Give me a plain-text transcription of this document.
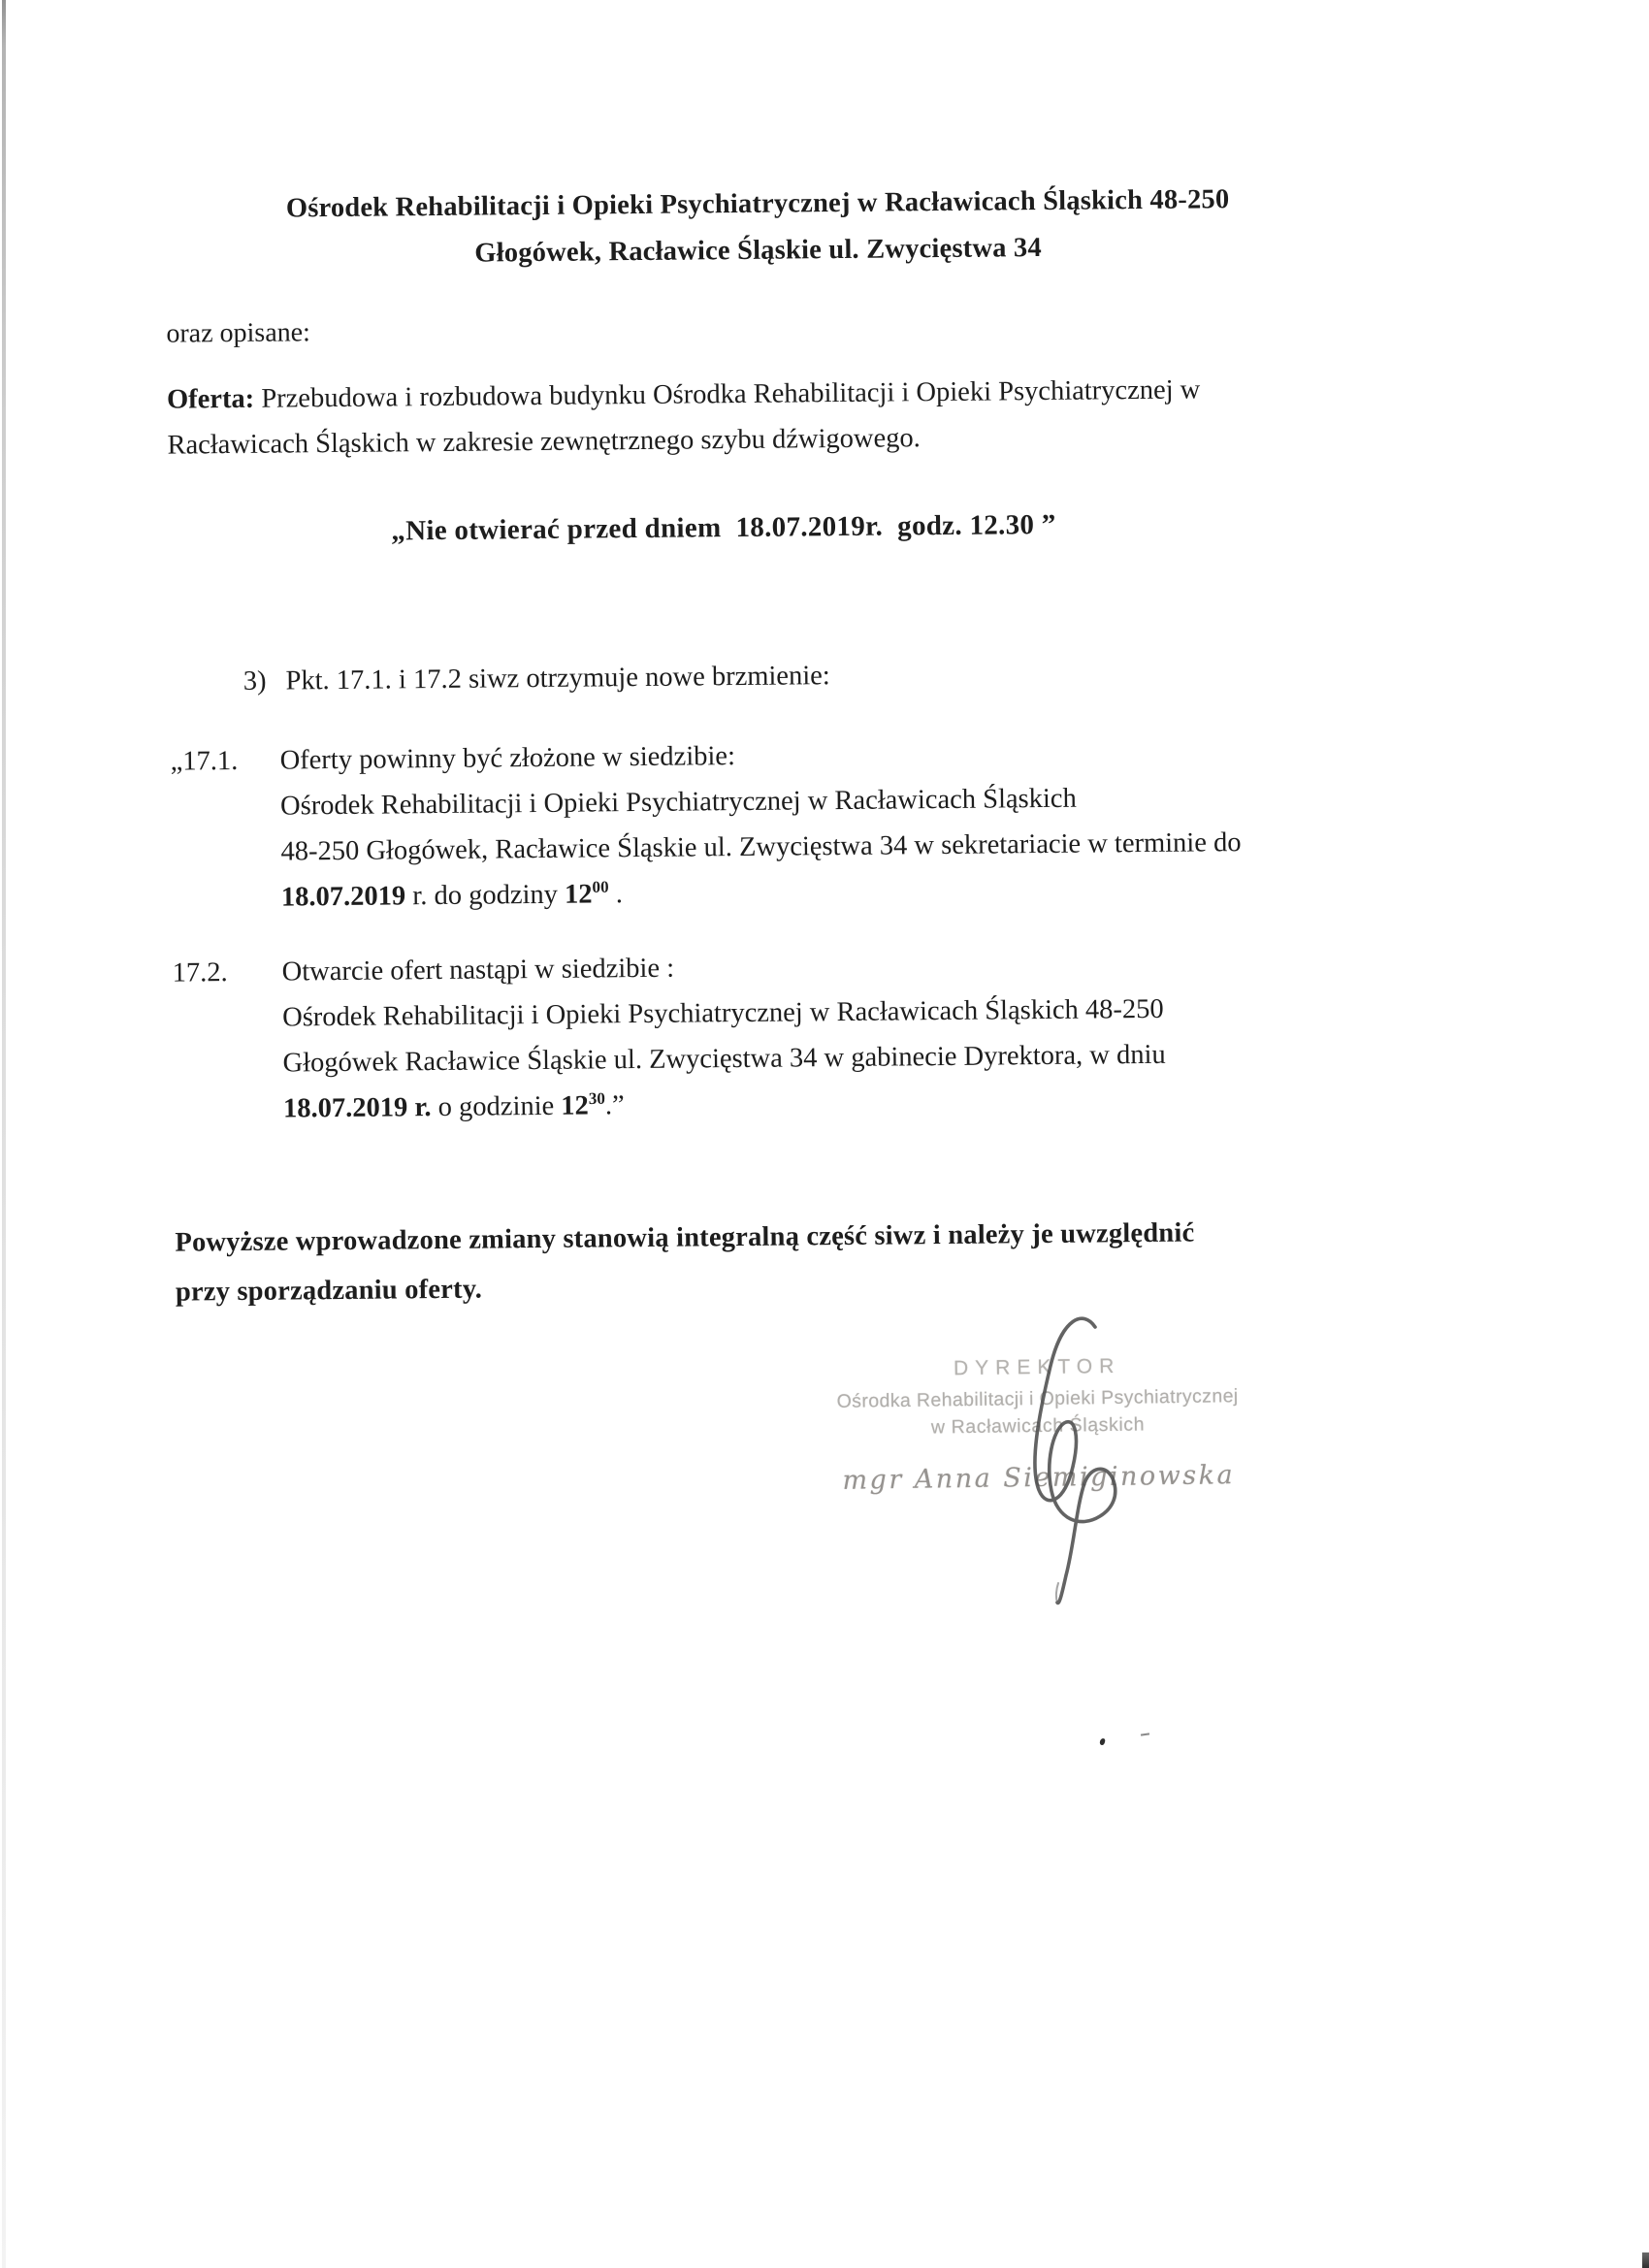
Ośrodek Rehabilitacji i Opieki Psychiatrycznej w Racławicach Śląskich 48-250
Głogówek, Racławice Śląskie ul. Zwycięstwa 34

oraz opisane:

Oferta: Przebudowa i rozbudowa budynku Ośrodka Rehabilitacji i Opieki Psychiatrycznej w
Racławicach Śląskich w zakresie zewnętrznego szybu dźwigowego.

„Nie otwierać przed dniem  18.07.2019r.  godz. 12.30 ”

3) Pkt. 17.1. i 17.2 siwz otrzymuje nowe brzmienie:
„17.1.	Oferty powinny być złożone w siedzibie:
Ośrodek Rehabilitacji i Opieki Psychiatrycznej w Racławicach Śląskich
48-250 Głogówek, Racławice Śląskie ul. Zwycięstwa 34 w sekretariacie w terminie do
18.07.2019 r. do godziny $12^{00}$ .
17.2.	Otwarcie ofert nastąpi w siedzibie :
Ośrodek Rehabilitacji i Opieki Psychiatrycznej w Racławicach Śląskich 48-250
Głogówek Racławice Śląskie ul. Zwycięstwa 34 w gabinecie Dyrektora, w dniu
18.07.2019 r. o godzinie $12^{30}$.”

Powyższe wprowadzone zmiany stanowią integralną część siwz i należy je uwzględnić
przy sporządzaniu oferty.

DYREKTOR
Ośrodka Rehabilitacji i Opieki Psychiatrycznej
w Racławicach Śląskich
mgr Anna Siemiginowska
